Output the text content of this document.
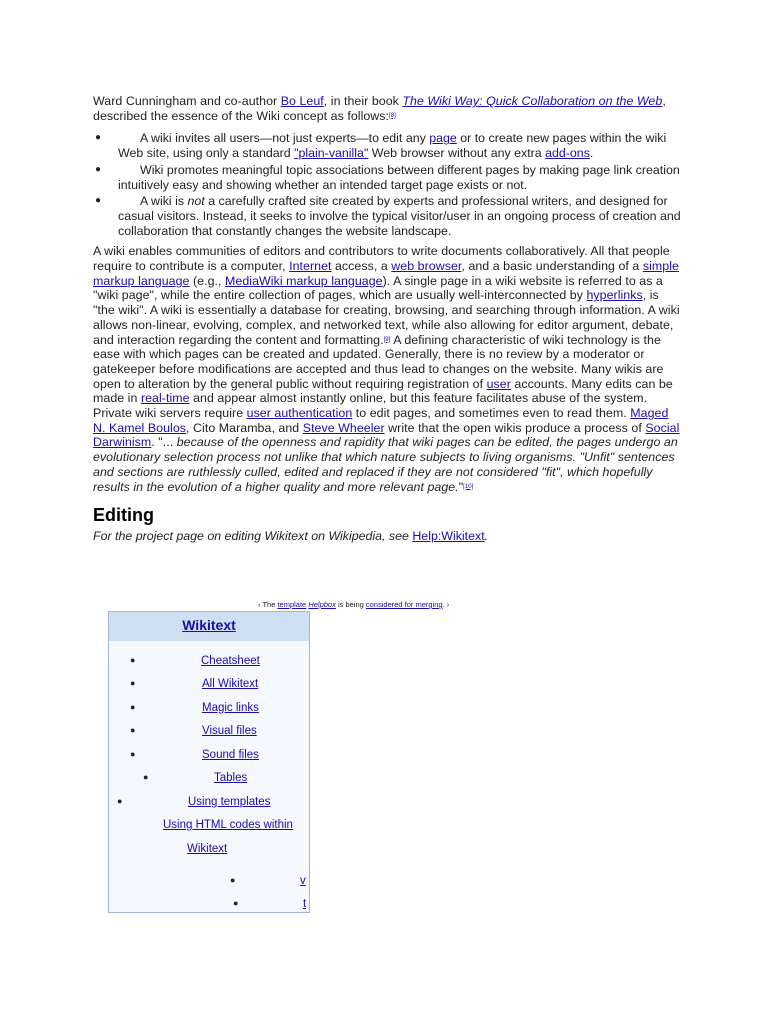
Ward Cunningham and co-author Bo Leuf, in their book The Wiki Way: Quick Collaboration on the Web, described the essence of the Wiki concept as follows:[8]

●	A wiki invites all users—not just experts—to edit any page or to create new pages within the wiki Web site, using only a standard "plain-vanilla" Web browser without any extra add-ons.
●	Wiki promotes meaningful topic associations between different pages by making page link creation intuitively easy and showing whether an intended target page exists or not.
●	A wiki is not a carefully crafted site created by experts and professional writers, and designed for casual visitors. Instead, it seeks to involve the typical visitor/user in an ongoing process of creation and collaboration that constantly changes the website landscape.

A wiki enables communities of editors and contributors to write documents collaboratively. All that people require to contribute is a computer, Internet access, a web browser, and a basic understanding of a simple markup language (e.g., MediaWiki markup language). A single page in a wiki website is referred to as a "wiki page", while the entire collection of pages, which are usually well-interconnected by hyperlinks, is "the wiki". A wiki is essentially a database for creating, browsing, and searching through information. A wiki allows non-linear, evolving, complex, and networked text, while also allowing for editor argument, debate, and interaction regarding the content and formatting.[9] A defining characteristic of wiki technology is the ease with which pages can be created and updated. Generally, there is no review by a moderator or gatekeeper before modifications are accepted and thus lead to changes on the website. Many wikis are open to alteration by the general public without requiring registration of user accounts. Many edits can be made in real-time and appear almost instantly online, but this feature facilitates abuse of the system. Private wiki servers require user authentication to edit pages, and sometimes even to read them. Maged N. Kamel Boulos, Cito Maramba, and Steve Wheeler write that the open wikis produce a process of Social Darwinism. "... because of the openness and rapidity that wiki pages can be edited, the pages undergo an evolutionary selection process not unlike that which nature subjects to living organisms. "Unfit" sentences and sections are ruthlessly culled, edited and replaced if they are not considered "fit", which hopefully results in the evolution of a higher quality and more relevant page."[10]

Editing

For the project page on editing Wikitext on Wikipedia, see Help:Wikitext.

‹ The template Helpbox is being considered for merging. ›
Wikitext
●	Cheatsheet
●	All Wikitext
●	Magic links
●	Visual files
●	Sound files
●	Tables
●	Using templates
Using HTML codes within
Wikitext
●	v
●	t
